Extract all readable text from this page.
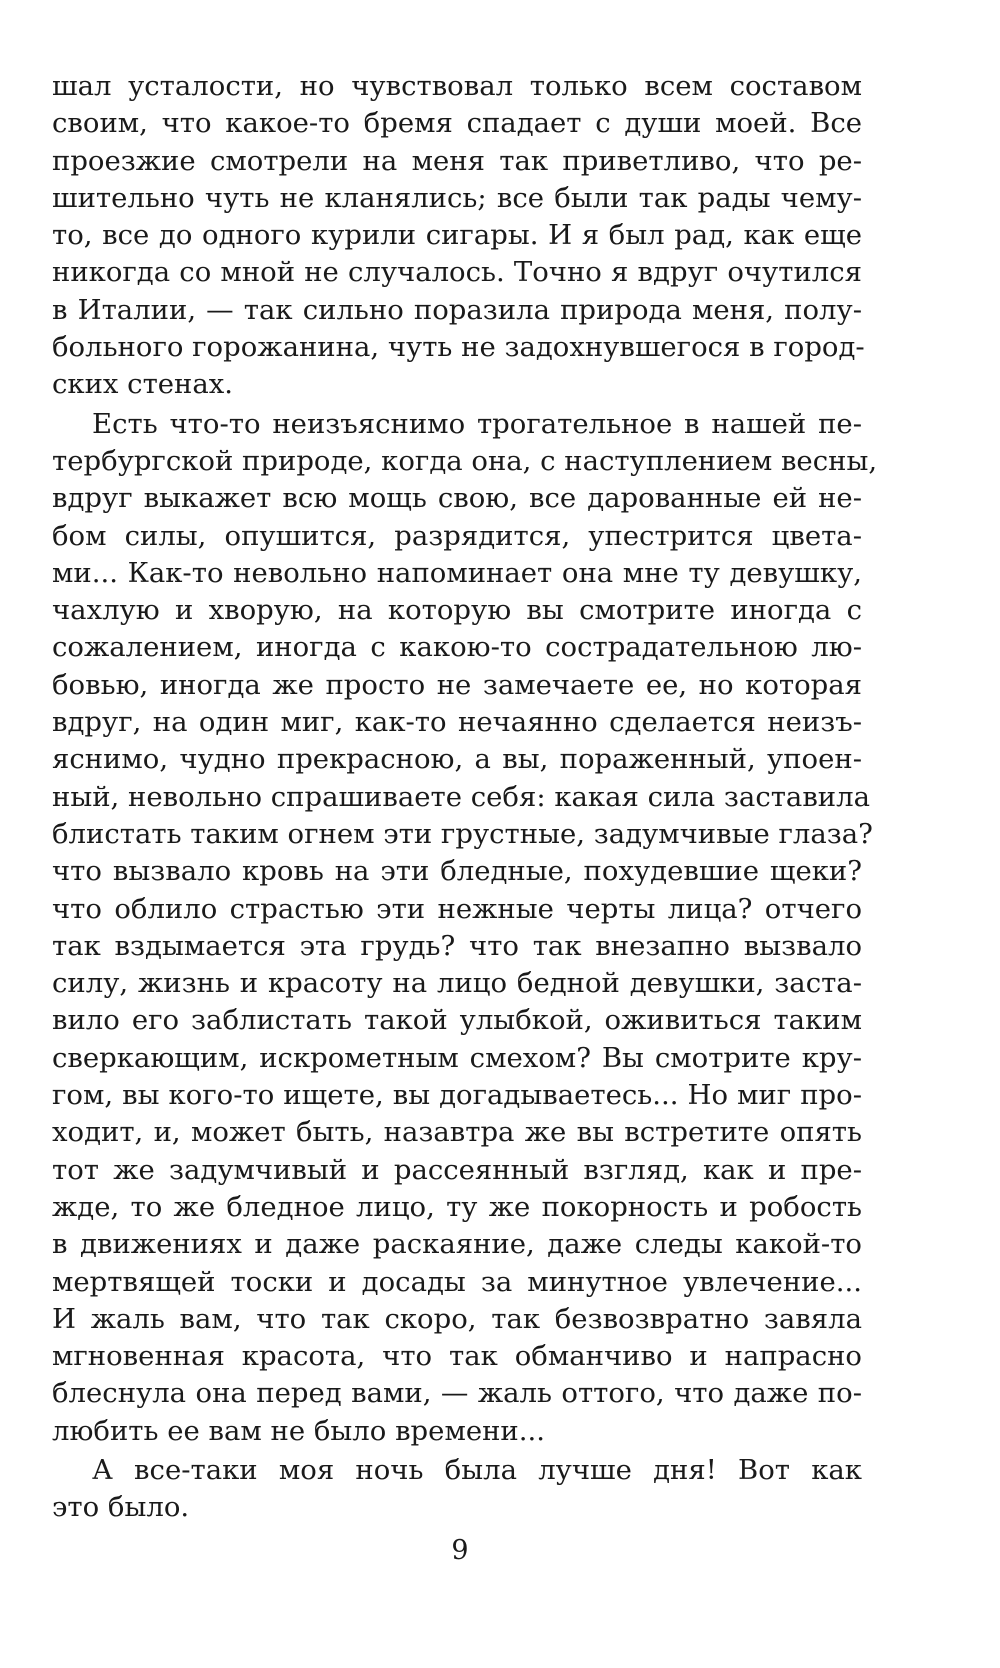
шал усталости, но чувствовал только всем составом
своим, что какое-то бремя спадает с души моей. Все
проезжие смотрели на меня так приветливо, что ре-
шительно чуть не кланялись; все были так рады чему-
то, все до одного курили сигары. И я был рад, как еще
никогда со мной не случалось. Точно я вдруг очутился
в Италии, — так сильно поразила природа меня, полу-
больного горожанина, чуть не задохнувшегося в город-
ских стенах.
Есть что-то неизъяснимо трогательное в нашей пе-
тербургской природе, когда она, с наступлением весны,
вдруг выкажет всю мощь свою, все дарованные ей не-
бом силы, опушится, разрядится, упестрится цвета-
ми... Как-то невольно напоминает она мне ту девушку,
чахлую и хворую, на которую вы смотрите иногда с
сожалением, иногда с какою-то сострадательною лю-
бовью, иногда же просто не замечаете ее, но которая
вдруг, на один миг, как-то нечаянно сделается неизъ-
яснимо, чудно прекрасною, а вы, пораженный, упоен-
ный, невольно спрашиваете себя: какая сила заставила
блистать таким огнем эти грустные, задумчивые глаза?
что вызвало кровь на эти бледные, похудевшие щеки?
что облило страстью эти нежные черты лица? отчего
так вздымается эта грудь? что так внезапно вызвало
силу, жизнь и красоту на лицо бедной девушки, заста-
вило его заблистать такой улыбкой, оживиться таким
сверкающим, искрометным смехом? Вы смотрите кру-
гом, вы кого-то ищете, вы догадываетесь... Но миг про-
ходит, и, может быть, назавтра же вы встретите опять
тот же задумчивый и рассеянный взгляд, как и пре-
жде, то же бледное лицо, ту же покорность и робость
в движениях и даже раскаяние, даже следы какой-то
мертвящей тоски и досады за минутное увлечение...
И жаль вам, что так скоро, так безвозвратно завяла
мгновенная красота, что так обманчиво и напрасно
блеснула она перед вами, — жаль оттого, что даже по-
любить ее вам не было времени...
А все-таки моя ночь была лучше дня! Вот как
это было.
9
